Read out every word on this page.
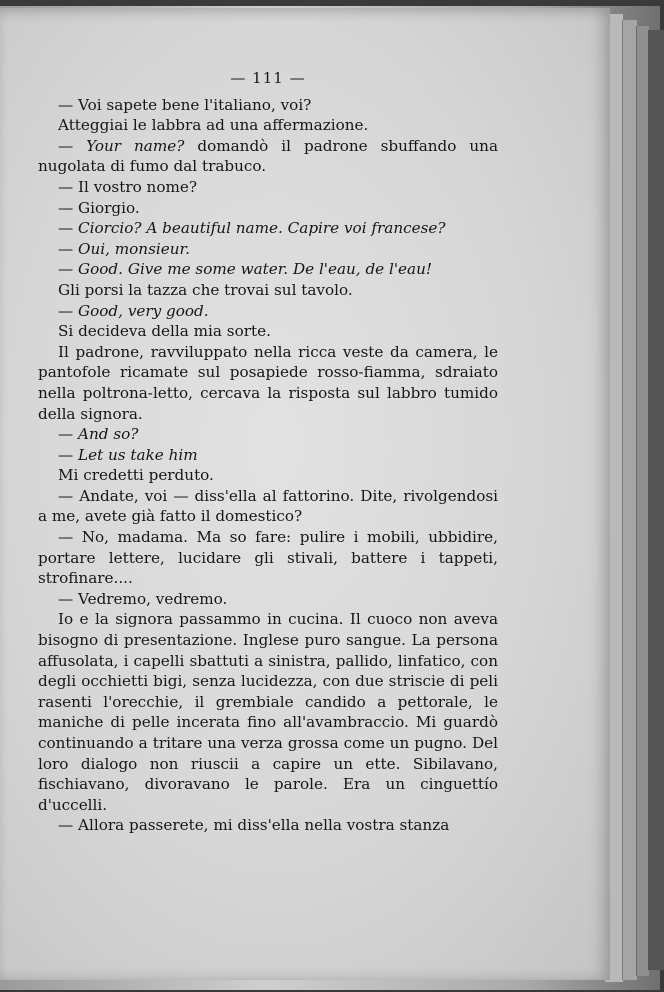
— 111 —

— Voi sapete bene l'italiano, voi?

Atteggiai le labbra ad una affermazione.

— Your name? domandò il padrone sbuffando una nugolata di fumo dal trabuco.

— Il vostro nome?

— Giorgio.

— Ciorcio? A beautiful name. Capire voi francese?

— Oui, monsieur.

— Good. Give me some water. De l'eau, de l'eau!

Gli porsi la tazza che trovai sul tavolo.

— Good, very good.

Si decideva della mia sorte.

Il padrone, ravviluppato nella ricca veste da camera, le pantofole ricamate sul posapiede rosso-fiamma, sdraiato nella poltrona-letto, cercava la risposta sul labbro tumido della signora.

— And so?

— Let us take him

Mi credetti perduto.

— Andate, voi — diss'ella al fattorino. Dite, rivolgendosi a me, avete già fatto il domestico?

— No, madama. Ma so fare: pulire i mobili, ubbidire, portare lettere, lucidare gli stivali, battere i tappeti, strofinare....

— Vedremo, vedremo.

Io e la signora passammo in cucina. Il cuoco non aveva bisogno di presentazione. Inglese puro sangue. La persona affusolata, i capelli sbattuti a sinistra, pallido, linfatico, con degli occhietti bigi, senza lucidezza, con due striscie di peli rasenti l'orecchie, il grembiale candido a pettorale, le maniche di pelle incerata fino all'avambraccio. Mi guardò continuando a tritare una verza grossa come un pugno. Del loro dialogo non riuscii a capire un ette. Sibilavano, fischiavano, divoravano le parole. Era un cinguettío d'uccelli.

— Allora passerete, mi diss'ella nella vostra stanza
